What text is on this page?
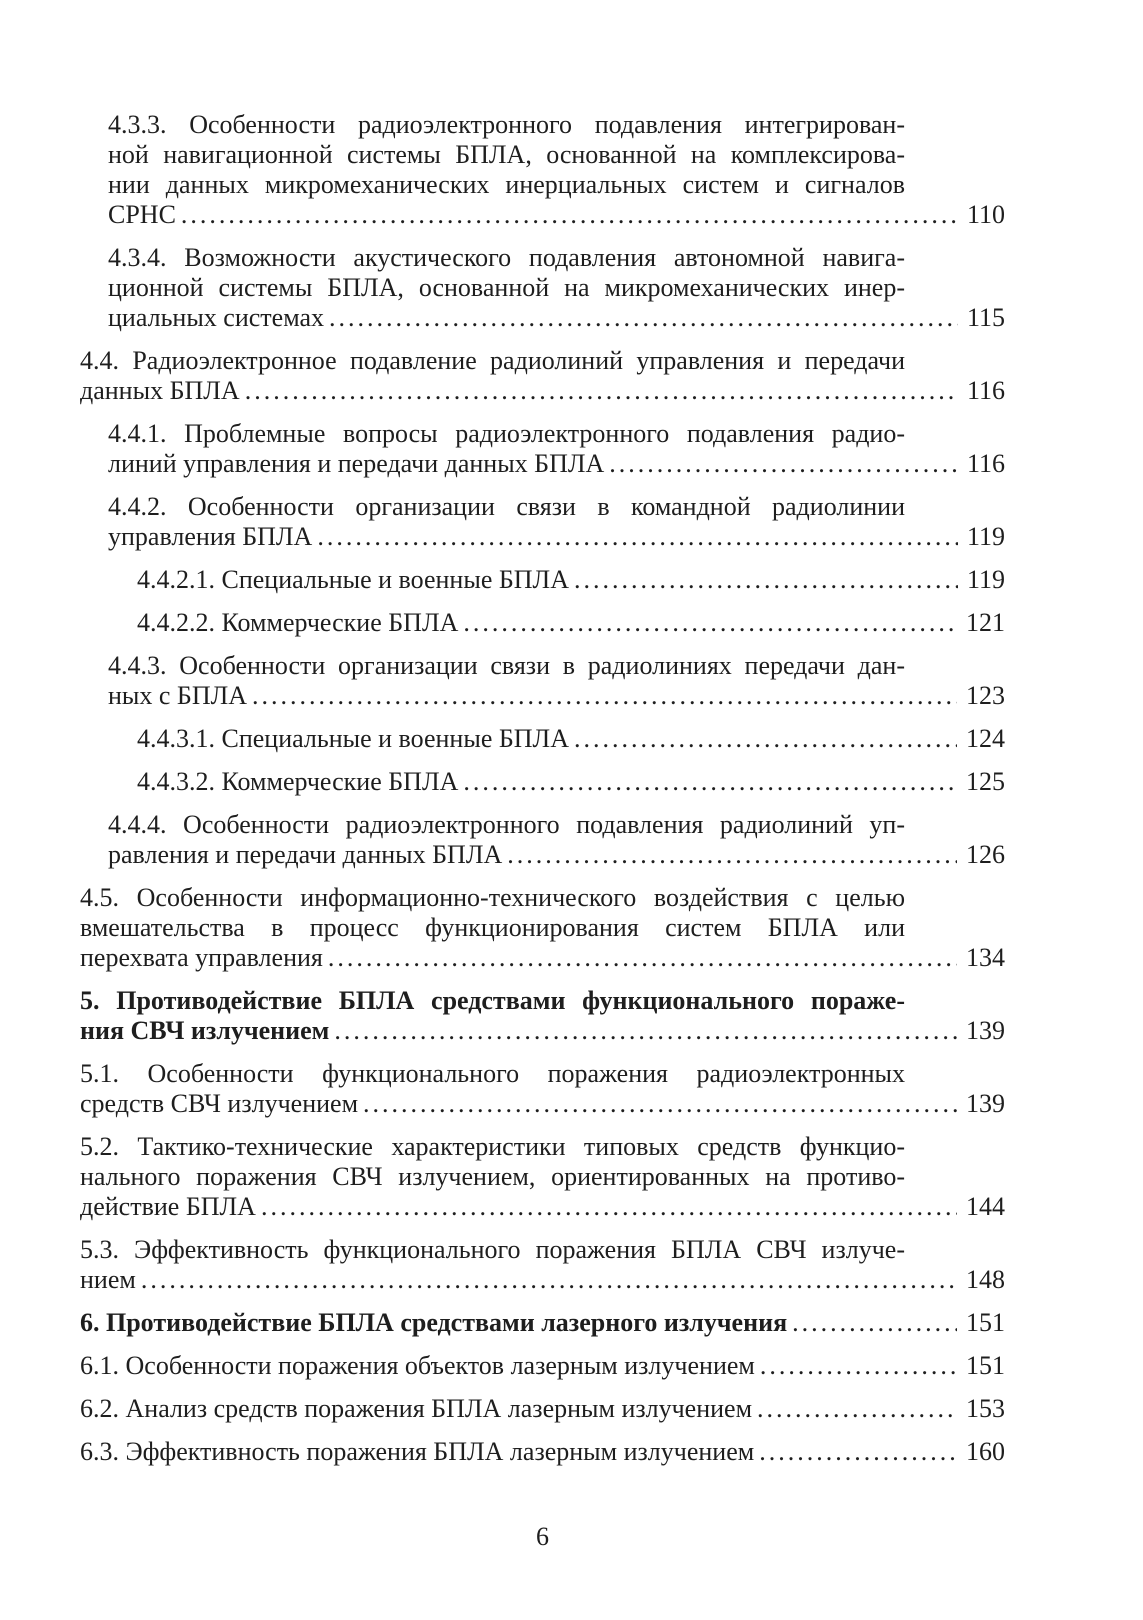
4.3.3. Особенности радиоэлектронного подавления интегрирован-
ной навигационной системы БПЛА, основанной на комплексирова-
нии данных микромеханических инерциальных систем и сигналов
СРНС .....	110
4.3.4. Возможности акустического подавления автономной навига-
ционной системы БПЛА, основанной на микромеханических инер-
циальных системах .....	115
4.4. Радиоэлектронное подавление радиолиний управления и передачи
данных БПЛА .....	116
4.4.1. Проблемные вопросы радиоэлектронного подавления радио-
линий управления и передачи данных БПЛА .....	116
4.4.2. Особенности организации связи в командной радиолинии
управления БПЛА .....	119
4.4.2.1. Специальные и военные БПЛА .....	119
4.4.2.2. Коммерческие БПЛА .....	121
4.4.3. Особенности организации связи в радиолиниях передачи дан-
ных с БПЛА .....	123
4.4.3.1. Специальные и военные БПЛА .....	124
4.4.3.2. Коммерческие БПЛА .....	125
4.4.4. Особенности радиоэлектронного подавления радиолиний уп-
равления и передачи данных БПЛА .....	126
4.5. Особенности информационно-технического воздействия с целью
вмешательства в процесс функционирования систем БПЛА или
перехвата управления .....	134
5. Противодействие БПЛА средствами функционального пораже-
ния СВЧ излучением .....	139
5.1. Особенности функционального поражения радиоэлектронных
средств СВЧ излучением .....	139
5.2. Тактико-технические характеристики типовых средств функцио-
нального поражения СВЧ излучением, ориентированных на противо-
действие БПЛА .....	144
5.3. Эффективность функционального поражения БПЛА СВЧ излуче-
нием .....	148
6. Противодействие БПЛА средствами лазерного излучения .....	151
6.1. Особенности поражения объектов лазерным излучением .....	151
6.2. Анализ средств поражения БПЛА лазерным излучением .....	153
6.3. Эффективность поражения БПЛА лазерным излучением .....	160
6
